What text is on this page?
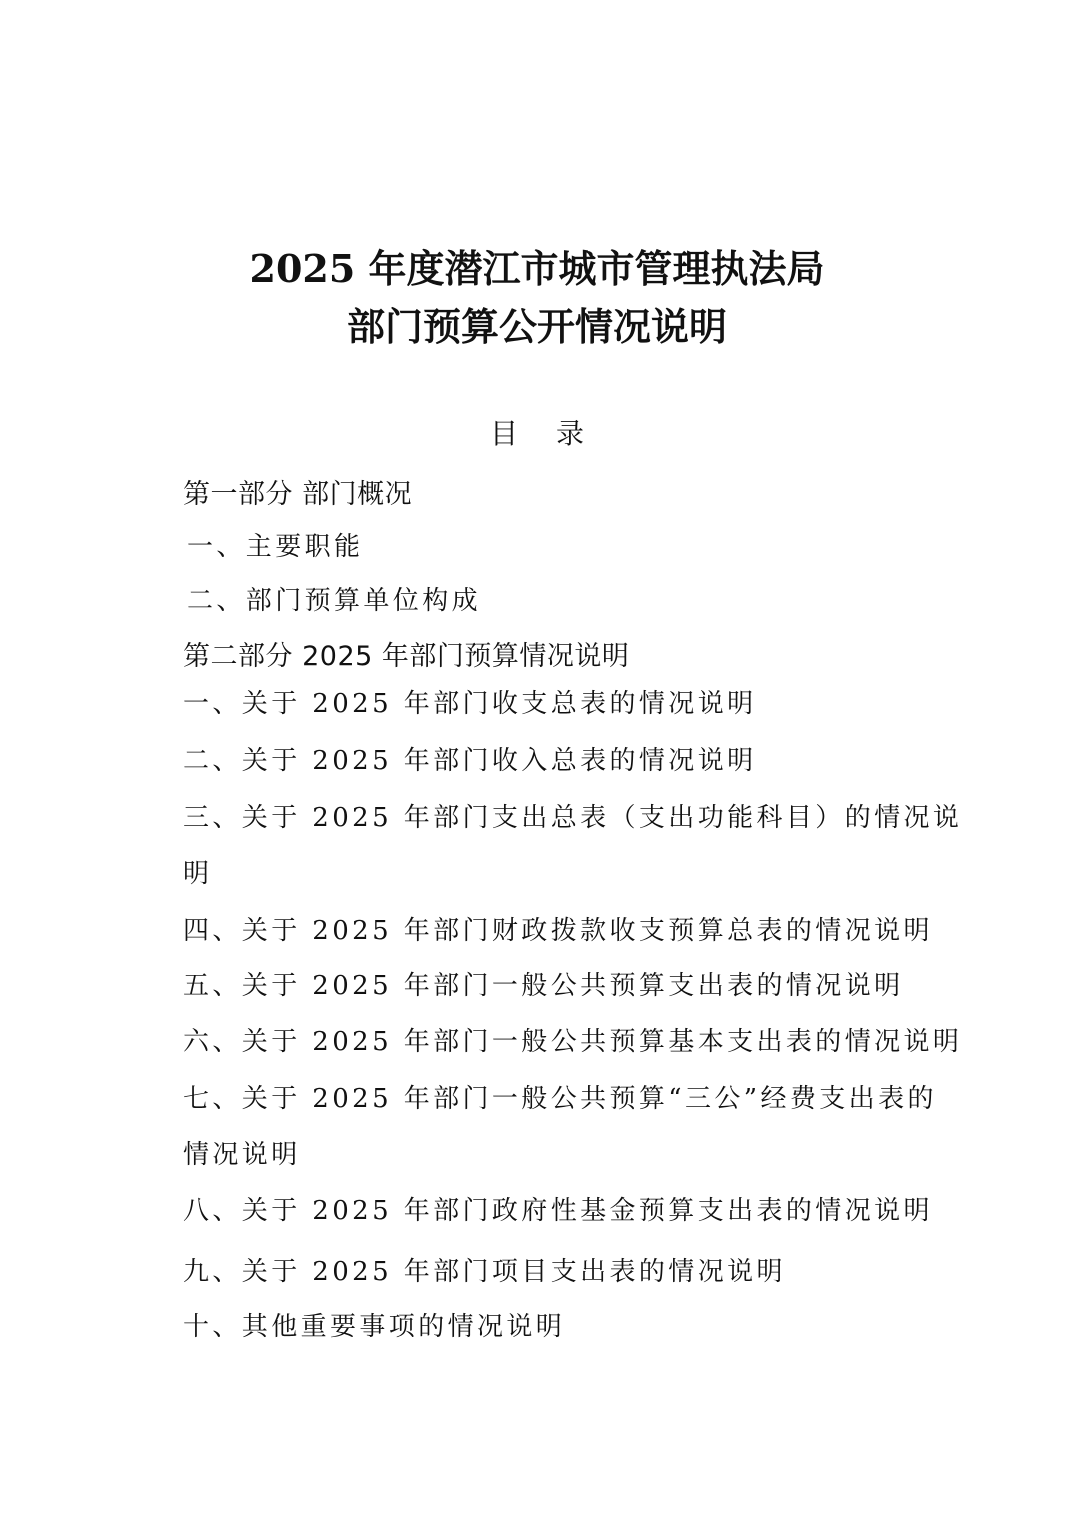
2025 年度潜江市城市管理执法局
部门预算公开情况说明
目录
第一部分 部门概况
一、主要职能
二、部门预算单位构成
第二部分 2025 年部门预算情况说明
一、关于 2025 年部门收支总表的情况说明
二、关于 2025 年部门收入总表的情况说明
三、关于 2025 年部门支出总表（支出功能科目）的情况说
明
四、关于 2025 年部门财政拨款收支预算总表的情况说明
五、关于 2025 年部门一般公共预算支出表的情况说明
六、关于 2025 年部门一般公共预算基本支出表的情况说明
七、关于 2025 年部门一般公共预算“三公”经费支出表的
情况说明
八、关于 2025 年部门政府性基金预算支出表的情况说明
九、关于 2025 年部门项目支出表的情况说明
十、其他重要事项的情况说明
